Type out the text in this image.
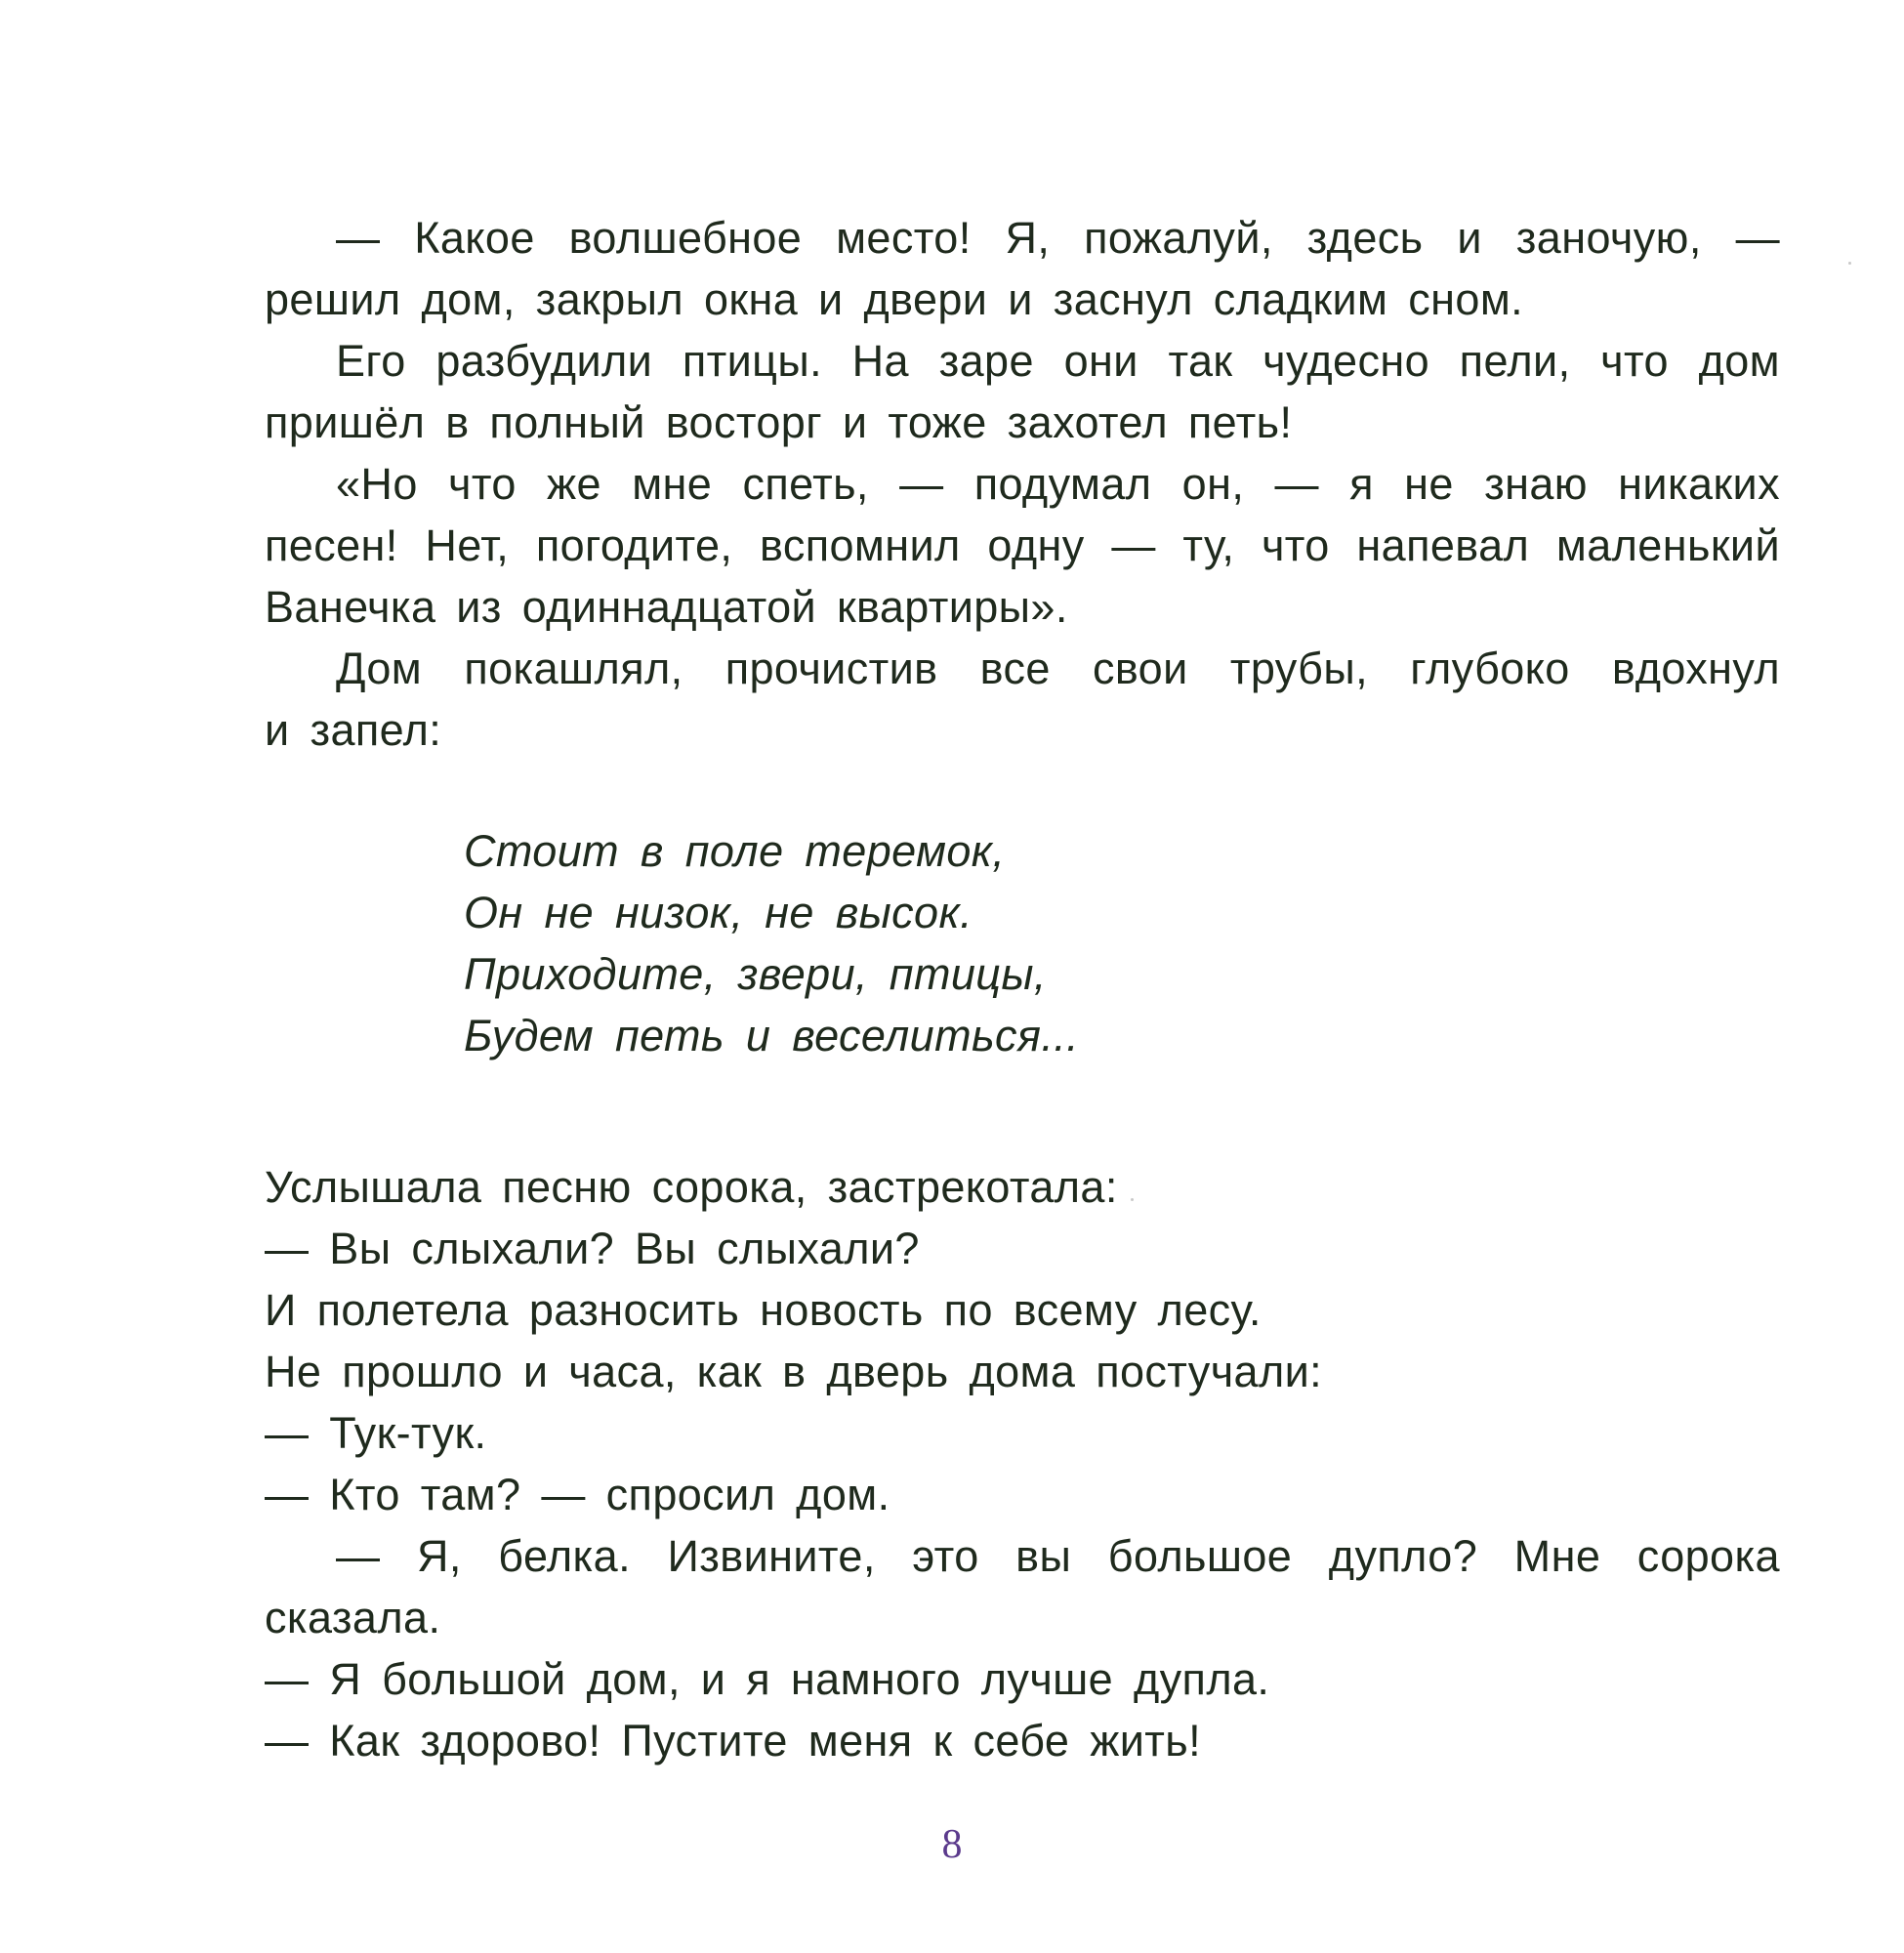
— Какое волшебное место! Я, пожалуй, здесь и заночую, —
решил дом, закрыл окна и двери и заснул сладким сном.
Его разбудили птицы. На заре они так чудесно пели, что дом
пришёл в полный восторг и тоже захотел петь!
«Но что же мне спеть, — подумал он, — я не знаю никаких
песен! Нет, погодите, вспомнил одну — ту, что напевал маленький
Ванечка из одиннадцатой квартиры».
Дом покашлял, прочистив все свои трубы, глубоко вдохнул
и запел:
Услышала песню сорока, застрекотала:
— Вы слыхали? Вы слыхали?
И полетела разносить новость по всему лесу.
Не прошло и часа, как в дверь дома постучали:
— Тук-тук.
— Кто там? — спросил дом.
— Я, белка. Извините, это вы большое дупло? Мне сорока
сказала.
— Я большой дом, и я намного лучше дупла.
— Как здорово! Пустите меня к себе жить!
Стоит в поле теремок,
Он не низок, не высок.
Приходите, звери, птицы,
Будем петь и веселиться...
8
